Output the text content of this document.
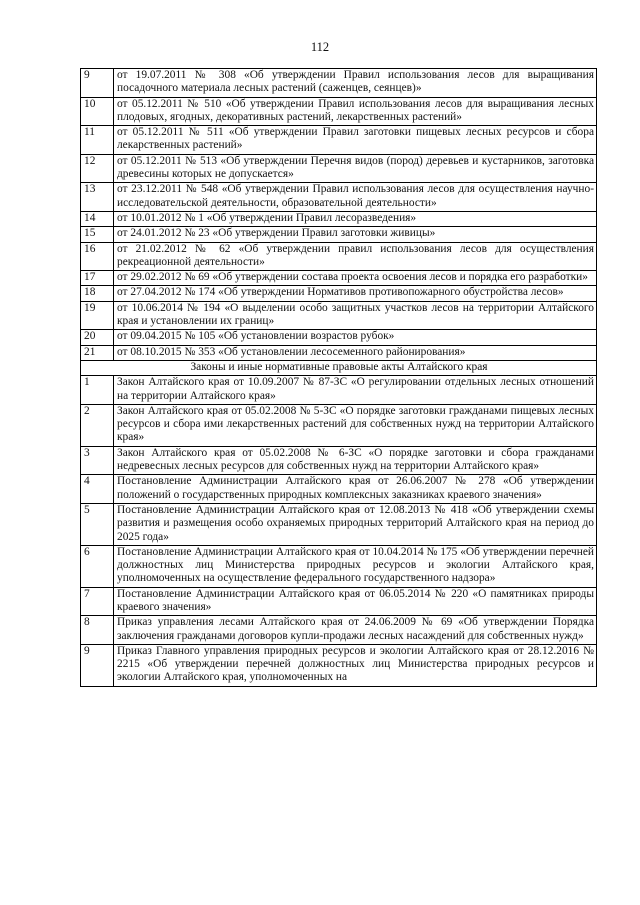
112
9	от 19.07.2011 № 308 «Об утверждении Правил использования лесов для выращивания посадочного материала лесных растений (саженцев, сеянцев)»
10	от 05.12.2011 № 510 «Об утверждении Правил использования лесов для выращивания лесных плодовых, ягодных, декоративных растений, лекарственных растений»
11	от 05.12.2011 № 511 «Об утверждении Правил заготовки пищевых лесных ресурсов и сбора лекарственных растений»
12	от 05.12.2011 № 513 «Об утверждении Перечня видов (пород) деревьев и кустарников, заготовка древесины которых не допускается»
13	от 23.12.2011 № 548 «Об утверждении Правил использования лесов для осуществления научно-исследовательской деятельности, образовательной деятельности»
14	от 10.01.2012 № 1 «Об утверждении Правил лесоразведения»
15	от 24.01.2012 № 23 «Об утверждении Правил заготовки живицы»
16	от 21.02.2012 № 62 «Об утверждении правил использования лесов для осуществления рекреационной деятельности»
17	от 29.02.2012 № 69 «Об утверждении состава проекта освоения лесов и порядка его разработки»
18	от 27.04.2012 № 174 «Об утверждении Нормативов противопожарного обустройства лесов»
19	от 10.06.2014 № 194 «О выделении особо защитных участков лесов на территории Алтайского края и установлении их границ»
20	от 09.04.2015 № 105 «Об установлении возрастов рубок»
21	от 08.10.2015 № 353 «Об установлении лесосеменного районирования»
Законы и иные нормативные правовые акты Алтайского края	
1	Закон Алтайского края от 10.09.2007 № 87-ЗС «О регулировании отдельных лесных отношений на территории Алтайского края»
2	Закон Алтайского края от 05.02.2008 № 5-ЗС «О порядке заготовки гражданами пищевых лесных ресурсов и сбора ими лекарственных растений для собственных нужд на территории Алтайского края»
3	Закон Алтайского края от 05.02.2008 № 6-ЗС «О порядке заготовки и сбора гражданами недревесных лесных ресурсов для собственных нужд на территории Алтайского края»
4	Постановление Администрации Алтайского края от 26.06.2007 № 278 «Об утверждении положений о государственных природных комплексных заказниках краевого значения»
5	Постановление Администрации Алтайского края от 12.08.2013 № 418 «Об утверждении схемы развития и размещения особо охраняемых природных территорий Алтайского края на период до 2025 года»
6	Постановление Администрации Алтайского края от 10.04.2014 № 175 «Об утверждении перечней должностных лиц Министерства природных ресурсов и экологии Алтайского края, уполномоченных на осуществление федерального государственного надзора»
7	Постановление Администрации Алтайского края от 06.05.2014 № 220 «О памятниках природы краевого значения»
8	Приказ управления лесами Алтайского края от 24.06.2009 № 69 «Об утверждении Порядка заключения гражданами договоров купли-продажи лесных насаждений для собственных нужд»
9	Приказ Главного управления природных ресурсов и экологии Алтайского края от 28.12.2016 № 2215 «Об утверждении перечней должностных лиц Министерства природных ресурсов и экологии Алтайского края, уполномоченных на
